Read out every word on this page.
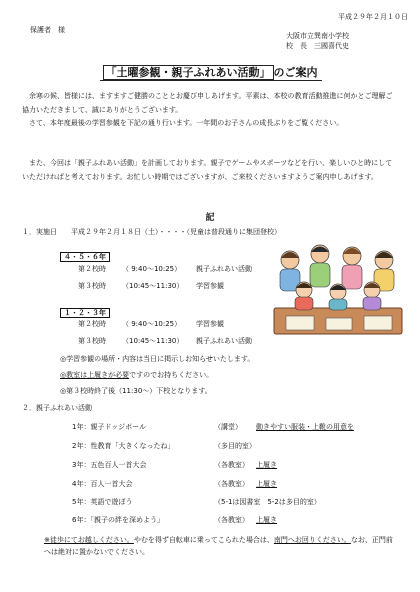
平成２９年２月１０日
保護者　様
大阪市立巽南小学校
校　長　三國喜代史
「土曜参観・親子ふれあい活動」 のご案内
　余寒の候、皆様には、ますますご健勝のこととお慶び申しあげます。平素は、本校の教育活動推進に何かとご理解ご協力いただきまして、誠にありがとうございます。
　さて、本年度最後の学習参観を下記の通り行います。一年間のお子さんの成長ぶりをご覧ください。
　また、今回は「親子ふれあい活動」を計画しております。親子でゲームやスポーツなどを行い、楽しいひと時にしていただければと考えております。お忙しい時期ではございますが、ご来校くださいますようご案内申しあげます。
記
１．実施日　　平成２９年２月１８日（土）・・・・（児童は普段通りに集団登校）
４・５・６年
第２校時 （ 9:40～10:25） 親子ふれあい活動
第３校時 （10:45～11:30） 学習参観
１・２・３年
第２校時 （ 9:40～10:25） 学習参観
第３校時 （10:45～11:30） 親子ふれあい活動
◎学習参観の場所・内容は当日に掲示しお知らせいたします。
◎教室は上履きが必要ですのでお持ちください。
◎第３校時終了後（11:30～）下校となります。
２．親子ふれあい活動
1年：親子ドッジボール	（講堂） 動きやすい服装・上靴の用意を
2年：性教育「大きくなったね」	（多目的室）
3年：五色百人一首大会	（各教室） 上履き
4年：百人一首大会	（各教室） 上履き
5年：英語で遊ぼう	（5-1は図書室　5-2は多目的室）
6年：「親子の絆を深めよう」	（各教室） 上履き
※徒歩にてお越しください。やむを得ず自転車に乗ってこられた場合は、南門へお回りください。なお、正門前へは絶対に置かないでください。
